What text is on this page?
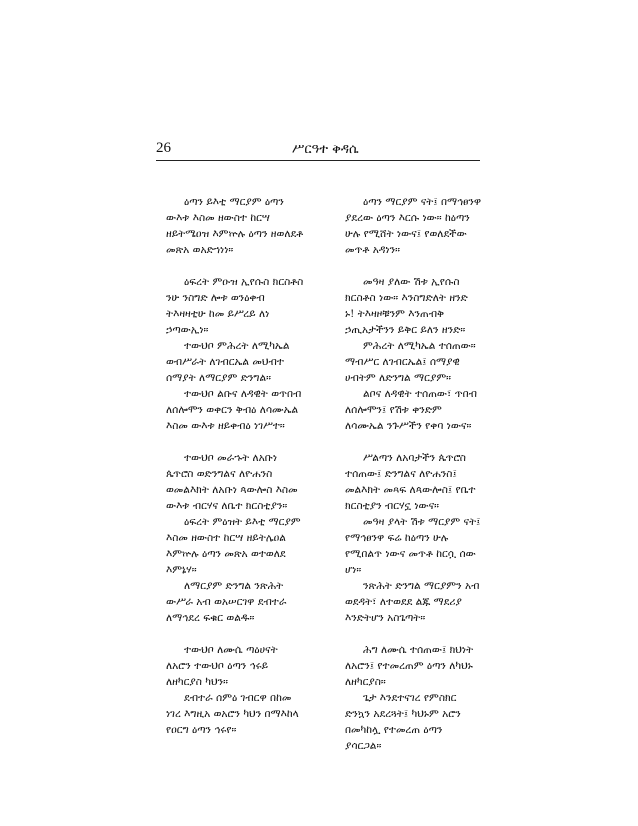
26	ሥርዓተ ቅዳሴ
ዕጣን ይእቲ ማርያም ዕጣን
ውእቱ እስመ ዘውስተ ከርሣ
ዘይትሜዐዝ እምኵሉ ዕጣን ዘወለደቶ
መጽአ ወአድኀነነ።
ዕፍረት ምዑዝ ኢየሱስ ክርስቶስ
ንሁ ንስግድ ሎቱ ወንዕቀብ
ትእዛዛቲሁ ከመ ይሥረይ ለነ
ኃጣውኢነ።
ተውህቦ ምሕረት ለሚካኤል
ወብሥራት ለገብርኤል መህብተ
ሰማያት ለማርያም ድንግል።
ተውህቦ ልቡና ለዳዊት ወጥበብ
ለሰሎሞን ወቀርን ቅብዕ ለሳሙኤል
እስመ ውእቱ ዘይቀብዕ ነገሥተ።
ተውህቦ መራኁት ለአቡነ
ጴጥሮስ ወድንግልና ለዮሐንስ
ወመልእክት ለአቡነ ጳውሎስ እስመ
ውእቱ ብርሃና ለቤተ ክርስቲያን።
ዕፍረት ምዕዝት ይእቲ ማርያም
እስመ ዘውስተ ከርሣ ዘይትሌዐል
እምኵሉ ዕጣን መጽአ ወተወለደ
እምኔሃ።
ለማርያም ድንግል ንጽሕት
ውሥራ አብ ወአሠርገዋ ደብተራ
ለማኅደረ ፍቁር ወልዱ።
ተውህቦ ለሙሴ ጣዕሀናት
ለአሮን ተውህቦ ዕጣን ኅሩይ
ለዘካርያስ ካህን።
ደብተራ ሰምዕ ገብርዋ በከመ
ነገረ እግዚአ ወአሮን ካህን በማእከላ
የዐርግ ዕጣን ኅሩየ።
ዕጣን ማርያም ናት፤ በማኅፀንዋ
ያደረው ዕጣን እርሱ ነው። ከዕጣን
ሁሉ የሚሸት ነውና፤ የወለደችው
መጥቶ አዳነን።
መዓዛ ያለው ሽቱ ኢየሱስ
ክርስቶስ ነው። እንስግድለት ዘንድ
ኑ! ትእዛዞቹንም እንጠብቅ
ኃጢአታችንን ይቅር ይለን ዘንድ።
ምሕረት ለሚካኤል ተሰጠው።
ማብሥር ለገብርኤል፤ ሰማያዊ
ሀብትም ለድንግል ማርያም።
ልቦና ለዳዊት ተሰጠው፣ ጥበብ
ለሰሎሞን፤ የሽቱ ቀንድም
ለሳሙኤል ንጉሥችን የቀባ ነውና።
ሥልጣን ለአባታችን ጴጥሮስ
ተሰጠው፤ ድንግልና ለዮሐንስ፤
መልእክት መጻፍ ለጳውሎስ፤ የቤተ
ክርስቲያን ብርሃኗ ነውና።
መዓዛ ያላት ሽቱ ማርያም ናት፤
የማኅፀንዋ ፍሬ ከዕጣን ሁሉ
የሚበልጥ ነውና መጥቶ ከርሷ ሰው
ሆነ።
ንጽሕት ድንግል ማርያምን አብ
ወደዳት፣ ለተወደደ ልጁ ማደሪያ
እንድትሆን አስጌጣት።
ሕግ ለሙሴ ተሰጠው፤ ክህነት
ለአሮን፤ የተመረጠም ዕጣን ለካህኑ
ለዘካርያስ።
ጌታ እንደተናገረ የምስክር
ድንኳን አደረጓት፤ ካህኑም አሮን
በመካከሏ የተመረጠ ዕጣን
ያሳርጋል።
